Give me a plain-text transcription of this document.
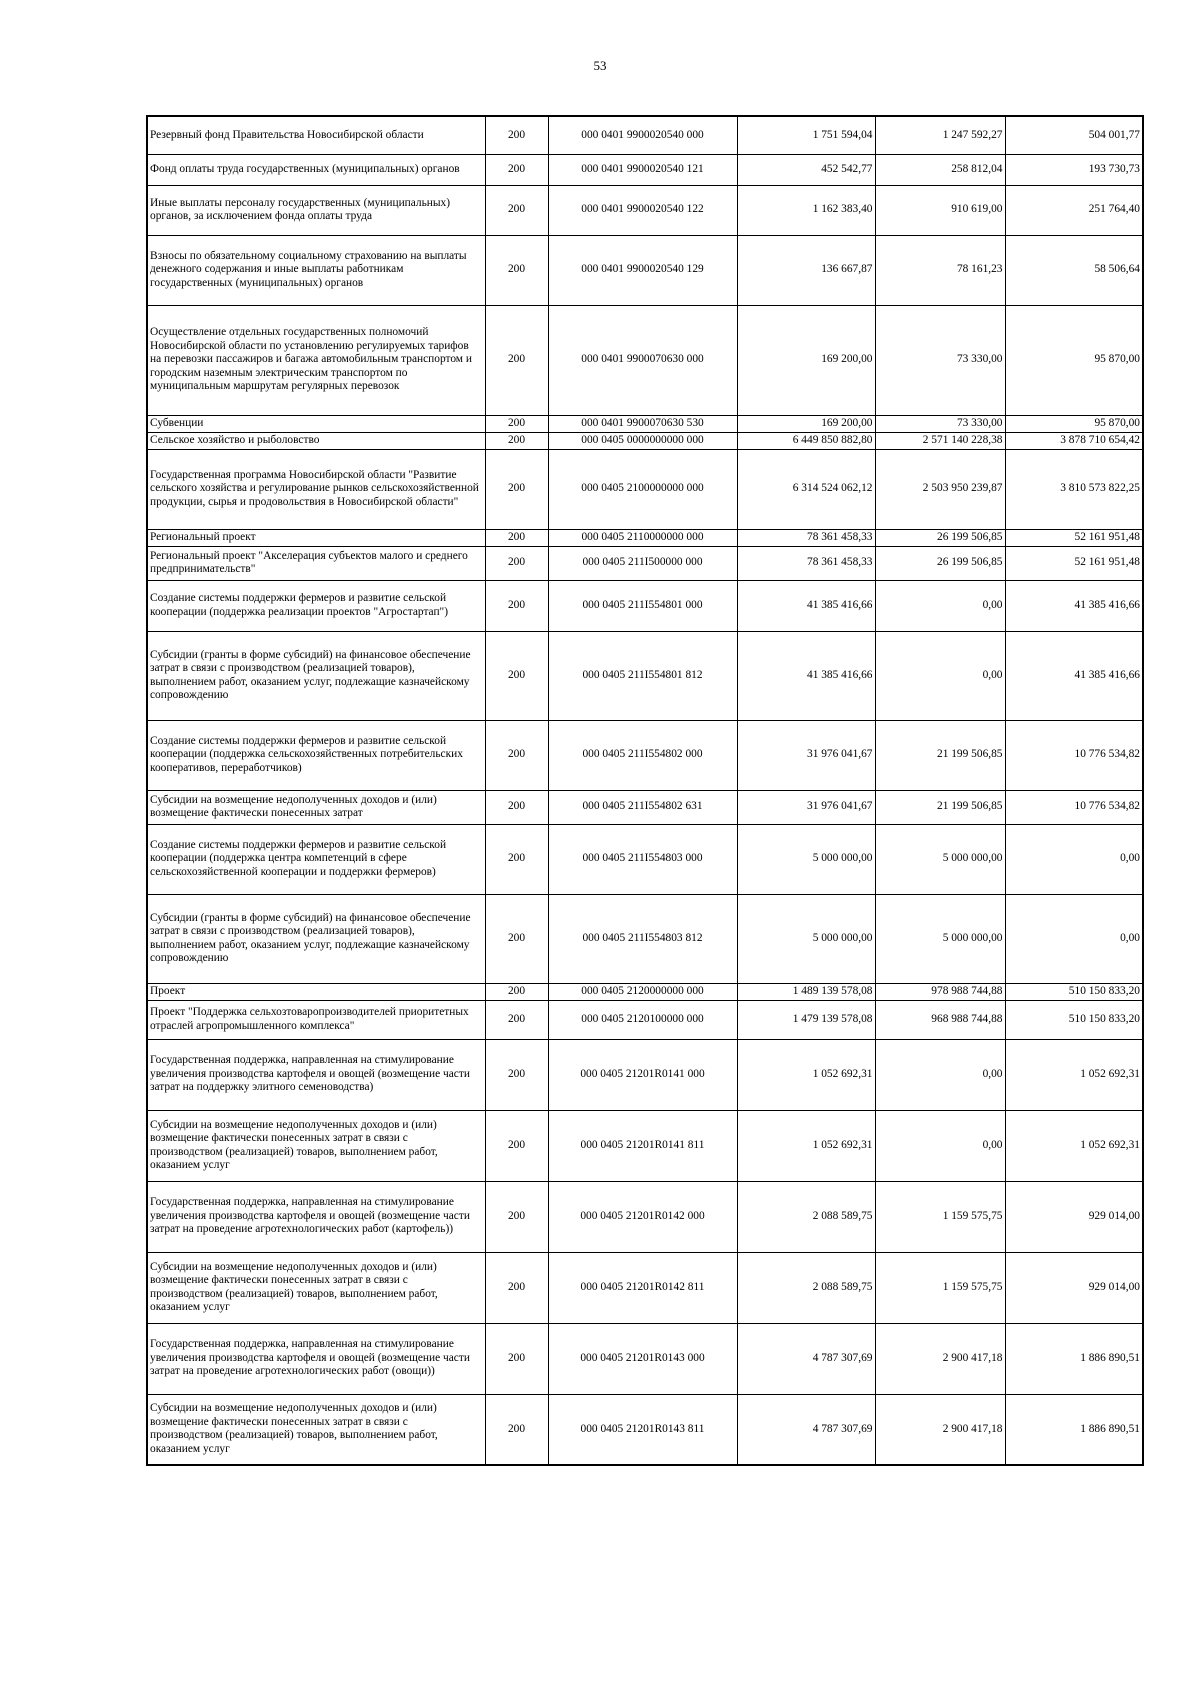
53
Резервный фонд Правительства Новосибирской области	200	000 0401 9900020540 000	1 751 594,04	1 247 592,27	504 001,77
Фонд оплаты труда государственных (муниципальных) органов	200	000 0401 9900020540 121	452 542,77	258 812,04	193 730,73
Иные выплаты персоналу государственных (муниципальных) органов, за исключением фонда оплаты труда	200	000 0401 9900020540 122	1 162 383,40	910 619,00	251 764,40
Взносы по обязательному социальному страхованию на выплаты денежного содержания и иные выплаты работникам государственных (муниципальных) органов	200	000 0401 9900020540 129	136 667,87	78 161,23	58 506,64
Осуществление отдельных государственных полномочий Новосибирской области по установлению регулируемых тарифов на перевозки пассажиров и багажа автомобильным транспортом и городским наземным электрическим транспортом по муниципальным маршрутам регулярных перевозок	200	000 0401 9900070630 000	169 200,00	73 330,00	95 870,00
Субвенции	200	000 0401 9900070630 530	169 200,00	73 330,00	95 870,00
Сельское хозяйство и рыболовство	200	000 0405 0000000000 000	6 449 850 882,80	2 571 140 228,38	3 878 710 654,42
Государственная программа Новосибирской области "Развитие сельского хозяйства и регулирование рынков сельскохозяйственной продукции, сырья и продовольствия в Новосибирской области"	200	000 0405 2100000000 000	6 314 524 062,12	2 503 950 239,87	3 810 573 822,25
Региональный проект	200	000 0405 2110000000 000	78 361 458,33	26 199 506,85	52 161 951,48
Региональный проект "Акселерация субъектов малого и среднего предпринимательств"	200	000 0405 211I500000 000	78 361 458,33	26 199 506,85	52 161 951,48
Создание системы поддержки фермеров и развитие сельской кооперации (поддержка реализации проектов "Агростартап")	200	000 0405 211I554801 000	41 385 416,66	0,00	41 385 416,66
Субсидии (гранты в форме субсидий) на финансовое обеспечение затрат в связи с производством (реализацией товаров), выполнением работ, оказанием услуг, подлежащие казначейскому сопровождению	200	000 0405 211I554801 812	41 385 416,66	0,00	41 385 416,66
Создание системы поддержки фермеров и развитие сельской кооперации (поддержка сельскохозяйственных потребительских кооперативов, переработчиков)	200	000 0405 211I554802 000	31 976 041,67	21 199 506,85	10 776 534,82
Субсидии на возмещение недополученных доходов и (или) возмещение фактически понесенных затрат	200	000 0405 211I554802 631	31 976 041,67	21 199 506,85	10 776 534,82
Создание системы поддержки фермеров и развитие сельской кооперации (поддержка центра компетенций в сфере сельскохозяйственной кооперации и поддержки фермеров)	200	000 0405 211I554803 000	5 000 000,00	5 000 000,00	0,00
Субсидии (гранты в форме субсидий) на финансовое обеспечение затрат в связи с производством (реализацией товаров), выполнением работ, оказанием услуг, подлежащие казначейскому сопровождению	200	000 0405 211I554803 812	5 000 000,00	5 000 000,00	0,00
Проект	200	000 0405 2120000000 000	1 489 139 578,08	978 988 744,88	510 150 833,20
Проект "Поддержка сельхозтоваропроизводителей приоритетных отраслей агропромышленного комплекса"	200	000 0405 2120100000 000	1 479 139 578,08	968 988 744,88	510 150 833,20
Государственная поддержка, направленная на стимулирование увеличения производства картофеля и овощей (возмещение части затрат на поддержку элитного семеноводства)	200	000 0405 21201R0141 000	1 052 692,31	0,00	1 052 692,31
Субсидии на возмещение недополученных доходов и (или) возмещение фактически понесенных затрат в связи с производством (реализацией) товаров, выполнением работ, оказанием услуг	200	000 0405 21201R0141 811	1 052 692,31	0,00	1 052 692,31
Государственная поддержка, направленная на стимулирование увеличения производства картофеля и овощей (возмещение части затрат на проведение агротехнологических работ (картофель))	200	000 0405 21201R0142 000	2 088 589,75	1 159 575,75	929 014,00
Субсидии на возмещение недополученных доходов и (или) возмещение фактически понесенных затрат в связи с производством (реализацией) товаров, выполнением работ, оказанием услуг	200	000 0405 21201R0142 811	2 088 589,75	1 159 575,75	929 014,00
Государственная поддержка, направленная на стимулирование увеличения производства картофеля и овощей (возмещение части затрат на проведение агротехнологических работ (овощи))	200	000 0405 21201R0143 000	4 787 307,69	2 900 417,18	1 886 890,51
Субсидии на возмещение недополученных доходов и (или) возмещение фактически понесенных затрат в связи с производством (реализацией) товаров, выполнением работ, оказанием услуг	200	000 0405 21201R0143 811	4 787 307,69	2 900 417,18	1 886 890,51
